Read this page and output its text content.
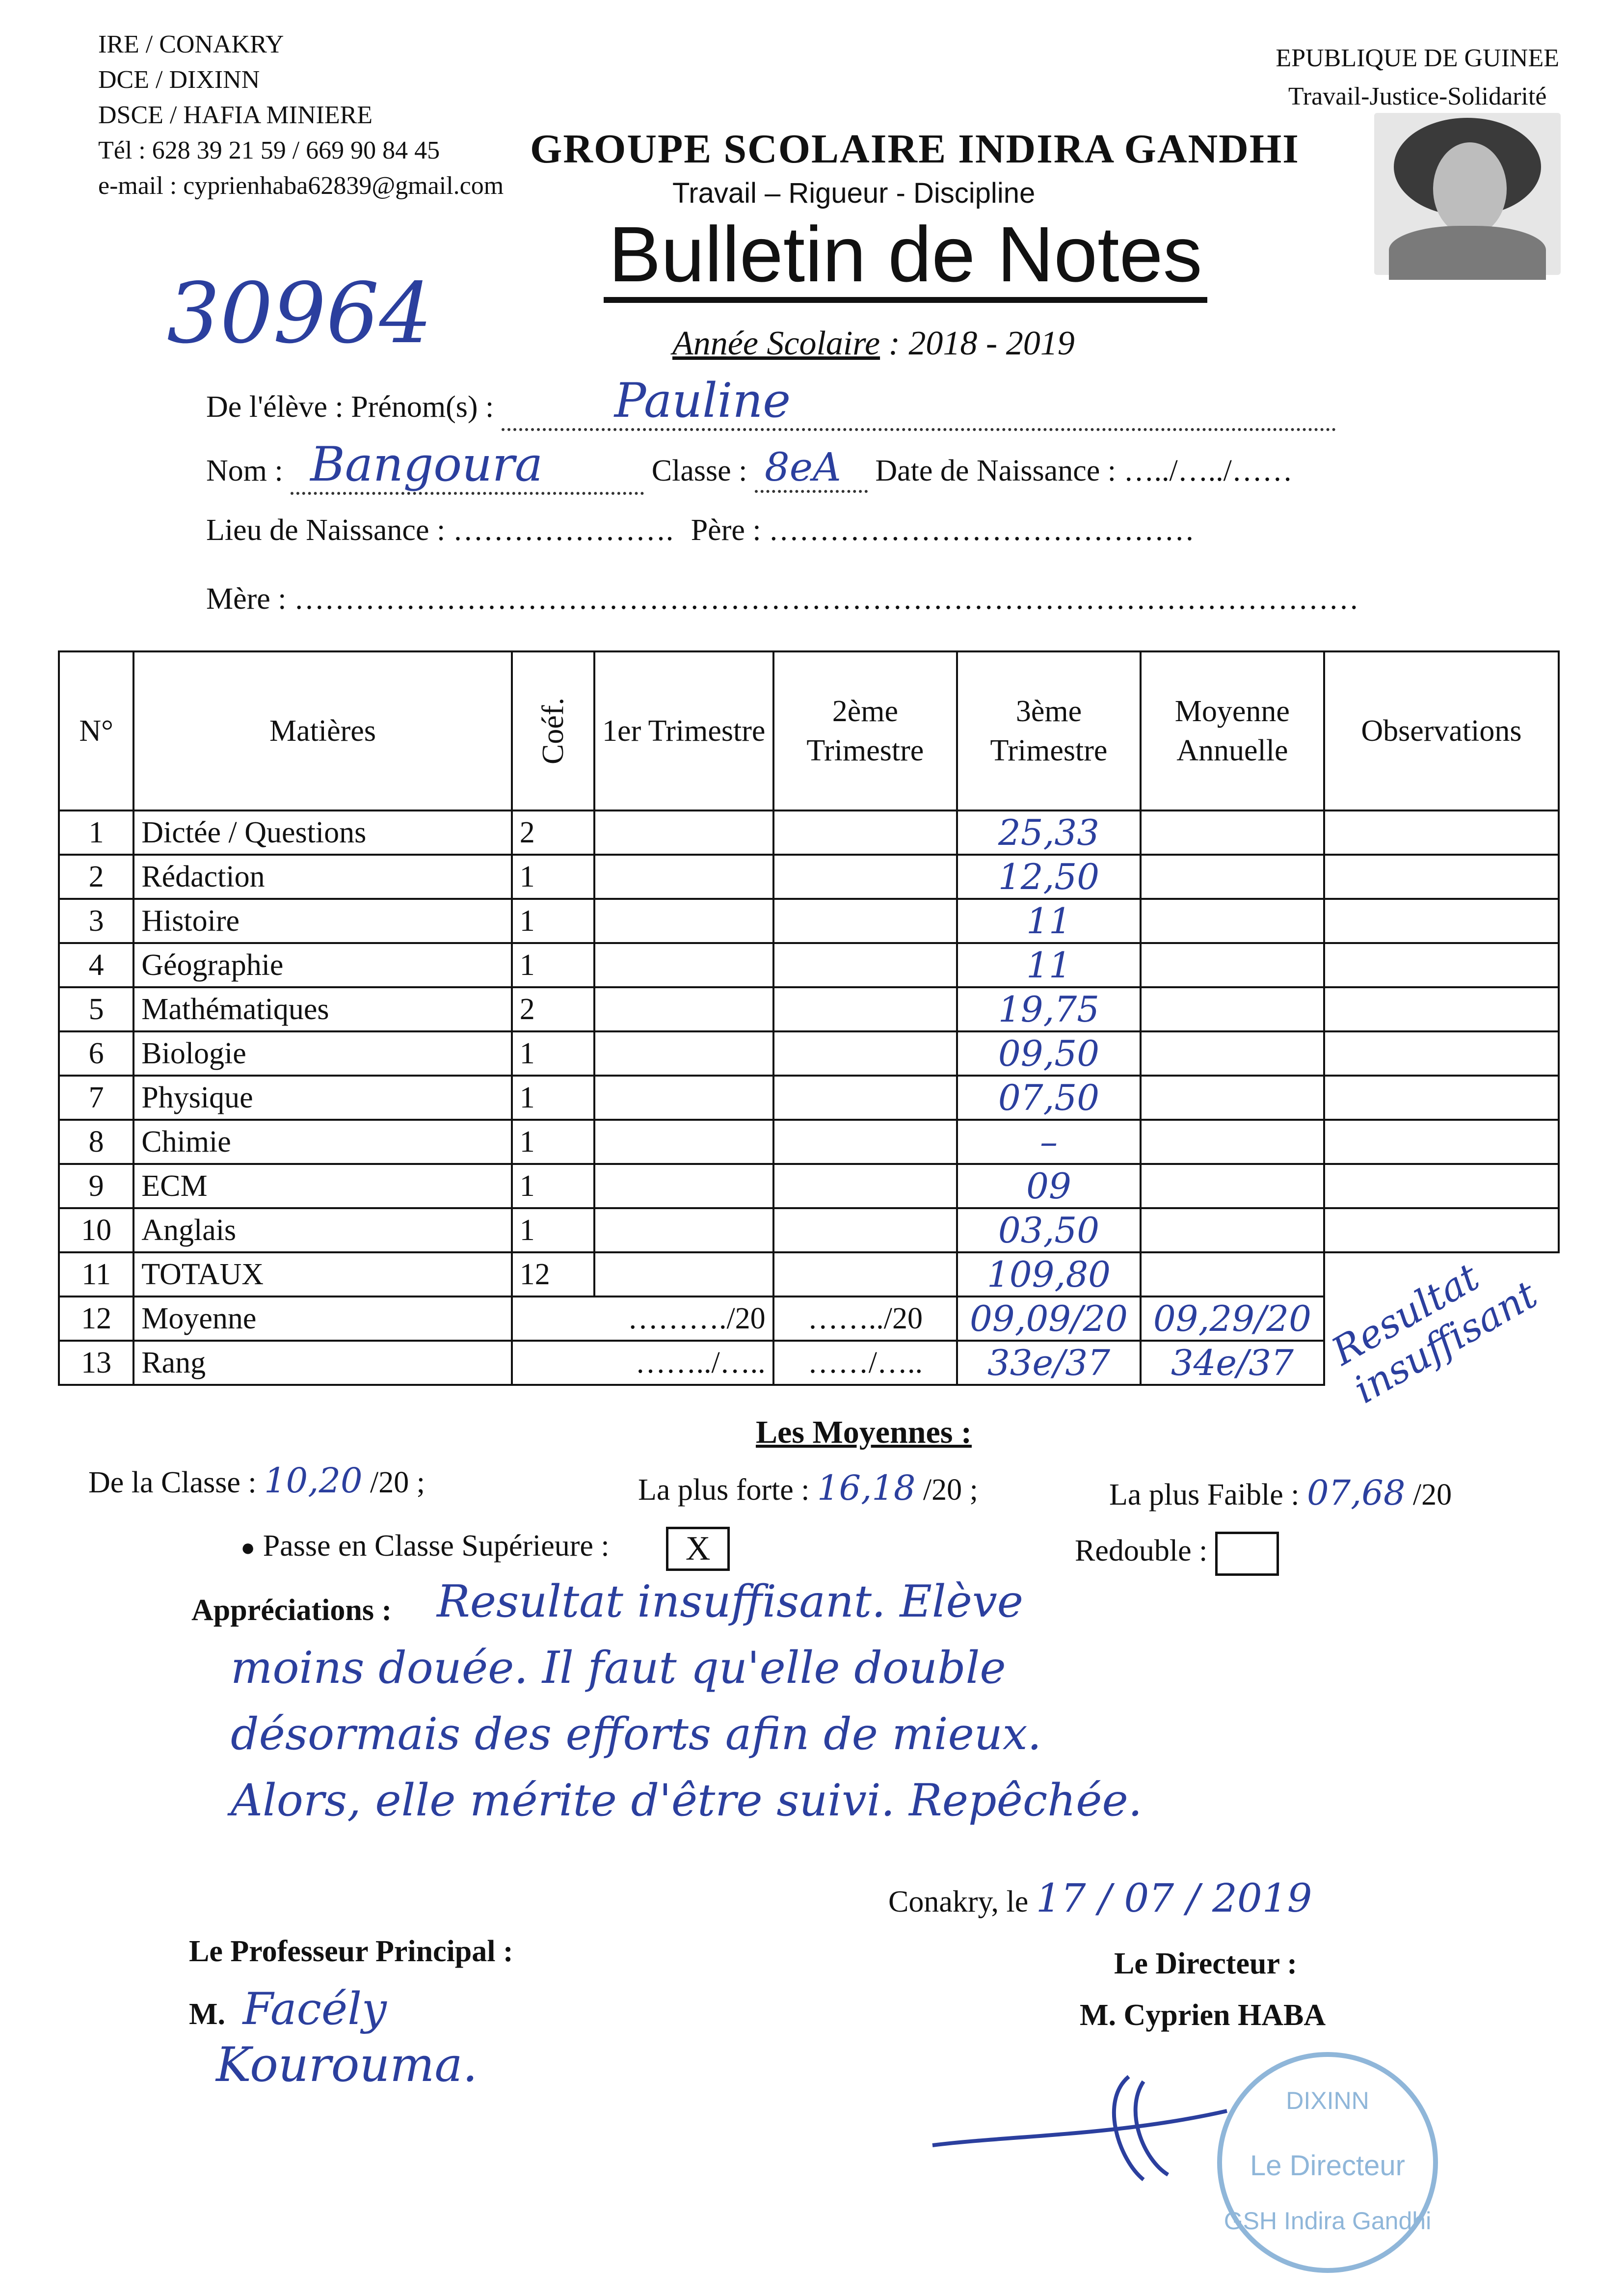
IRE / CONAKRY
DCE / DIXINN
DSCE / HAFIA MINIERE
Tél : 628 39 21 59 / 669 90 84 45
e-mail : cyprienhaba62839@gmail.com
EPUBLIQUE DE GUINEE
Travail-Justice-Solidarité
GROUPE SCOLAIRE INDIRA GANDHI
Travail – Rigueur - Discipline
Bulletin de Notes
30964	Année Scolaire : 2018 - 2019
De l'élève : Prénom(s) :	Pauline
Nom : Bangoura	Classe : 8eA Date de Naissance : …../…../……
Lieu de Naissance : …………………. Père : ……………………………………
Mère : ……………………………………………………………………………………………
N°	Matières	Coéf.	1er Trimestre	2ème Trimestre	3ème Trimestre	Moyenne Annuelle	Observations
1	Dictée / Questions	2			25,33		
2	Rédaction	1			12,50		
3	Histoire	1			11		
4	Géographie	1			11		
5	Mathématiques	2			19,75		
6	Biologie	1			09,50		
7	Physique	1			07,50		
8	Chimie	1			–		
9	ECM	1			09		
10	Anglais	1			03,50		
11	TOTAUX	12			109,80		Resultat insuffisant
12	Moyenne	………./20		……../20	09,09/20	09,29/20	
13	Rang	……../…..		……/…..	33e/37	34e/37	
Les Moyennes :
De la Classe : 10,20 /20 ;	La plus forte : 16,18 /20 ;	La plus Faible : 07,68 /20
● Passe en Classe Supérieure : X	Redouble :
Appréciations : Resultat insuffisant. Elève
moins douée. Il faut qu'elle double
désormais des efforts afin de mieux.
Alors, elle mérite d'être suivi. Repêchée.
Conakry, le 17 / 07 / 2019
Le Professeur Principal :
M. Facély
Kourouma.
Le Directeur :
M. Cyprien HABA
DIXINN
Le Directeur
GSH Indira Gandhi
